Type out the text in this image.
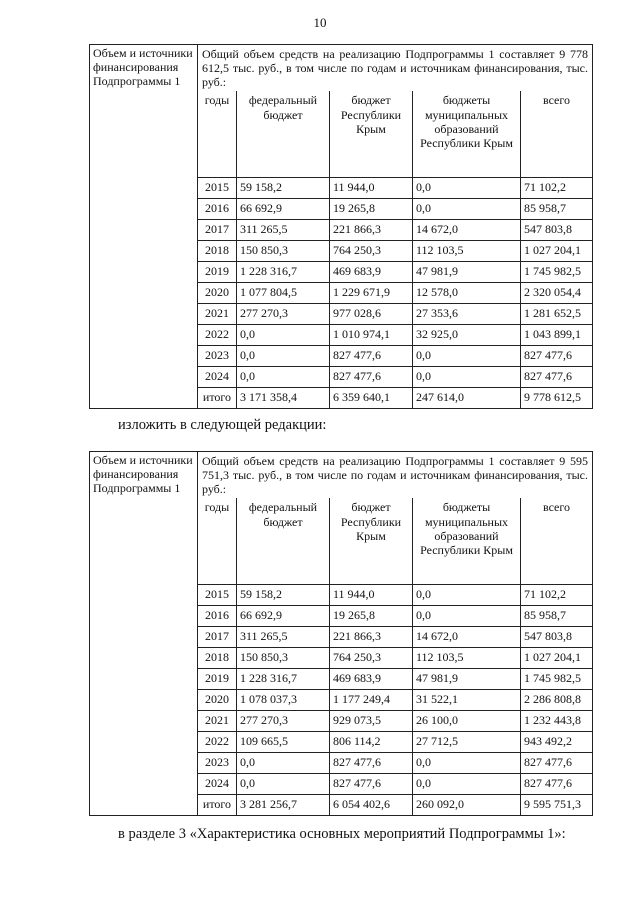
10
Объем и источники финансирования Подпрограммы 1	
Общий объем средств на реализацию Подпрограммы 1 составляет 9 778 612,5 тыс. руб., в том числе по годам и источникам финансирования, тыс. руб.:
годы	федеральный бюджет	бюджет Республики Крым	бюджеты муниципальных образований Республики Крым	всего
2015	59 158,2	11 944,0	0,0	71 102,2
2016	66 692,9	19 265,8	0,0	85 958,7
2017	311 265,5	221 866,3	14 672,0	547 803,8
2018	150 850,3	764 250,3	112 103,5	1 027 204,1
2019	1 228 316,7	469 683,9	47 981,9	1 745 982,5
2020	1 077 804,5	1 229 671,9	12 578,0	2 320 054,4
2021	277 270,3	977 028,6	27 353,6	1 281 652,5
2022	0,0	1 010 974,1	32 925,0	1 043 899,1
2023	0,0	827 477,6	0,0	827 477,6
2024	0,0	827 477,6	0,0	827 477,6
итого	3 171 358,4	6 359 640,1	247 614,0	9 778 612,5
изложить в следующей редакции:
Объем и источники финансирования Подпрограммы 1	
Общий объем средств на реализацию Подпрограммы 1 составляет 9 595 751,3 тыс. руб., в том числе по годам и источникам финансирования, тыс. руб.:
годы	федеральный бюджет	бюджет Республики Крым	бюджеты муниципальных образований Республики Крым	всего
2015	59 158,2	11 944,0	0,0	71 102,2
2016	66 692,9	19 265,8	0,0	85 958,7
2017	311 265,5	221 866,3	14 672,0	547 803,8
2018	150 850,3	764 250,3	112 103,5	1 027 204,1
2019	1 228 316,7	469 683,9	47 981,9	1 745 982,5
2020	1 078 037,3	1 177 249,4	31 522,1	2 286 808,8
2021	277 270,3	929 073,5	26 100,0	1 232 443,8
2022	109 665,5	806 114,2	27 712,5	943 492,2
2023	0,0	827 477,6	0,0	827 477,6
2024	0,0	827 477,6	0,0	827 477,6
итого	3 281 256,7	6 054 402,6	260 092,0	9 595 751,3
в разделе 3 «Характеристика основных мероприятий Подпрограммы 1»:
